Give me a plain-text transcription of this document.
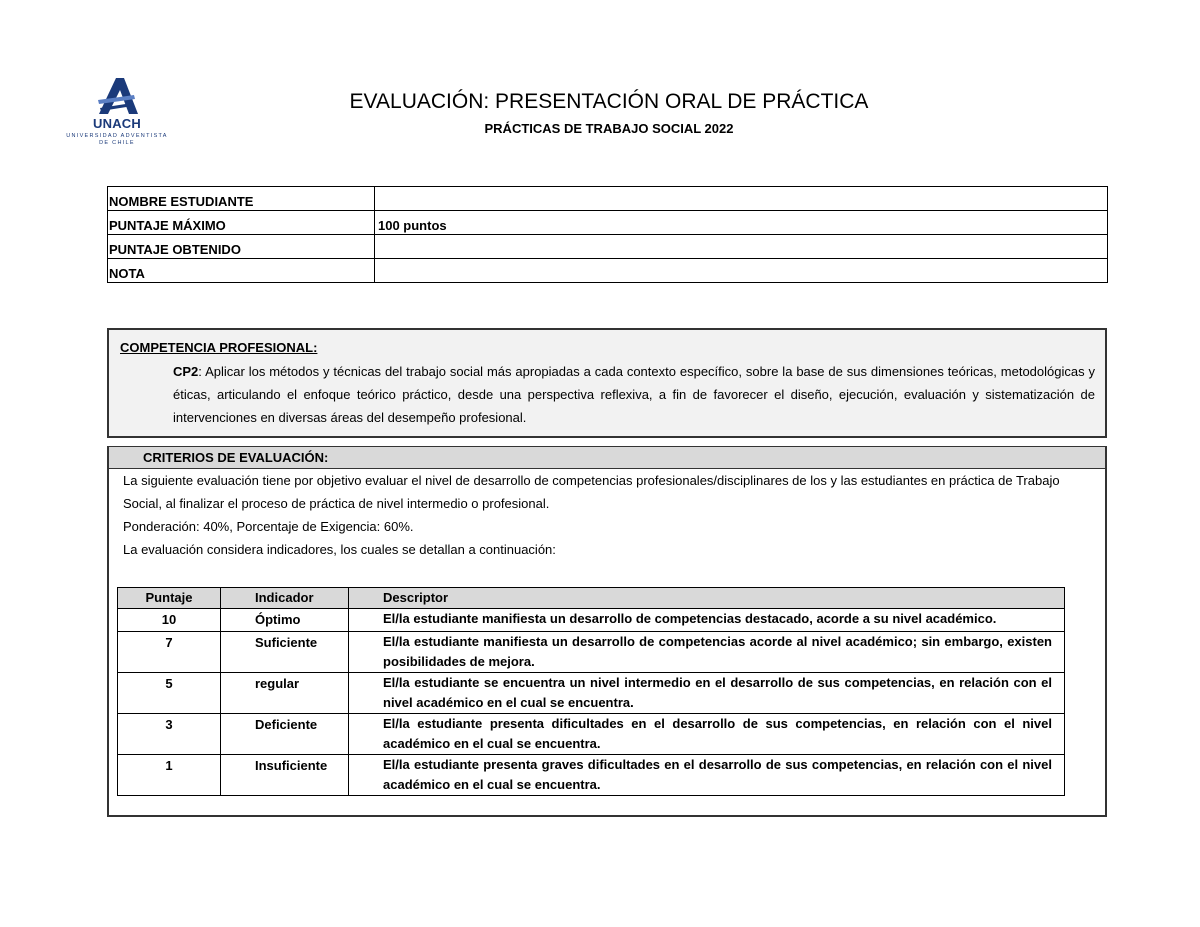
UNACH
UNIVERSIDAD ADVENTISTA DE CHILE
EVALUACIÓN: PRESENTACIÓN ORAL DE PRÁCTICA
PRÁCTICAS DE TRABAJO SOCIAL 2022
NOMBRE ESTUDIANTE	
PUNTAJE MÁXIMO	100 puntos
PUNTAJE OBTENIDO	
NOTA	
COMPETENCIA PROFESIONAL:
CP2: Aplicar los métodos y técnicas del trabajo social más apropiadas a cada contexto específico, sobre la base de sus dimensiones teóricas, metodológicas y éticas, articulando el enfoque teórico práctico, desde una perspectiva reflexiva, a fin de favorecer el diseño, ejecución, evaluación y sistematización de intervenciones en diversas áreas del desempeño profesional.
CRITERIOS DE EVALUACIÓN:

La siguiente evaluación tiene por objetivo evaluar el nivel de desarrollo de competencias profesionales/disciplinares de los y las estudiantes en práctica de Trabajo Social, al finalizar el proceso de práctica de nivel intermedio o profesional.

Ponderación: 40%, Porcentaje de Exigencia: 60%.

La evaluación considera indicadores, los cuales se detallan a continuación:

Puntaje	Indicador	Descriptor
10	Óptimo	El/la estudiante manifiesta un desarrollo de competencias destacado, acorde a su nivel académico.
7	Suficiente	El/la estudiante manifiesta un desarrollo de competencias acorde al nivel académico; sin embargo, existen posibilidades de mejora.
5	regular	El/la estudiante se encuentra un nivel intermedio en el desarrollo de sus competencias, en relación con el nivel académico en el cual se encuentra.
3	Deficiente	El/la estudiante presenta dificultades en el desarrollo de sus competencias, en relación con el nivel académico en el cual se encuentra.
1	Insuficiente	El/la estudiante presenta graves dificultades en el desarrollo de sus competencias, en relación con el nivel académico en el cual se encuentra.
